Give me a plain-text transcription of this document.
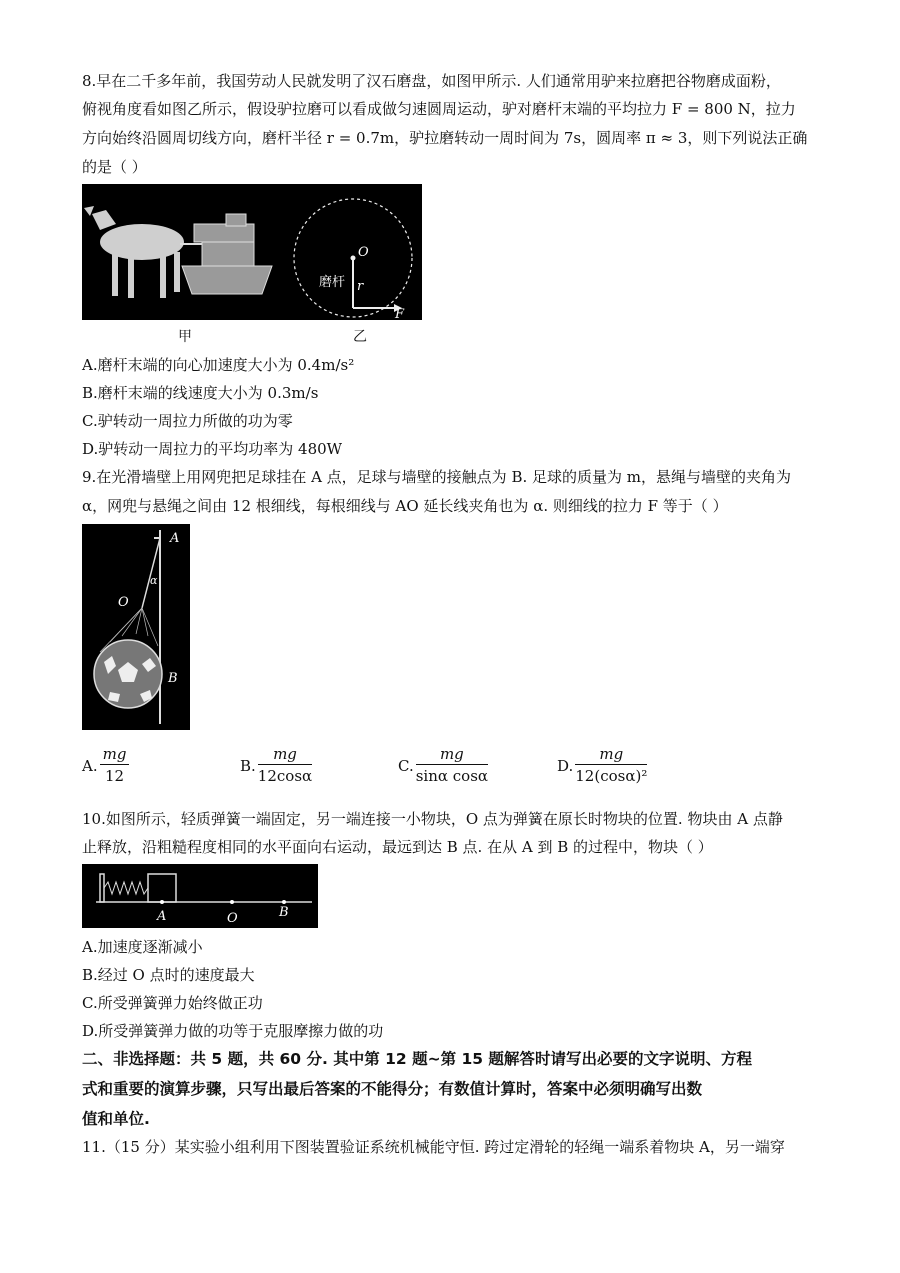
8.早在二千多年前，我国劳动人民就发明了汉石磨盘，如图甲所示. 人们通常用驴来拉磨把谷物磨成面粉，
俯视角度看如图乙所示，假设驴拉磨可以看成做匀速圆周运动，驴对磨杆末端的平均拉力 F = 800 N，拉力
方向始终沿圆周切线方向，磨杆半径 r = 0.7m，驴拉磨转动一周时间为 7s，圆周率 π ≈ 3，则下列说法正确
的是（ ）
O
磨杆 r
F
甲	乙
A.磨杆末端的向心加速度大小为 0.4m/s²
B.磨杆末端的线速度大小为 0.3m/s
C.驴转动一周拉力所做的功为零
D.驴转动一周拉力的平均功率为 480W
9.在光滑墙壁上用网兜把足球挂在 A 点，足球与墙壁的接触点为 B. 足球的质量为 m，悬绳与墙壁的夹角为
α，网兜与悬绳之间由 12 根细线，每根细线与 AO 延长线夹角也为 α. 则细线的拉力 F 等于（ ）
A
α
O
B
A. $\frac{mg}{12}$	B. $\frac{mg}{12\cos\alpha}$	C. $\frac{mg}{\text{sinα cosα}}$	D. $\frac{mg}{\text{12(cosα)²}}$
10.如图所示，轻质弹簧一端固定，另一端连接一小物块，O 点为弹簧在原长时物块的位置. 物块由 A 点静
止释放，沿粗糙程度相同的水平面向右运动，最远到达 B 点. 在从 A 到 B 的过程中，物块（ ）
A	O	B
A.加速度逐渐减小
B.经过 O 点时的速度最大
C.所受弹簧弹力始终做正功
D.所受弹簧弹力做的功等于克服摩擦力做的功
二、非选择题：共 5 题，共 60 分. 其中第 12 题~第 15 题解答时请写出必要的文字说明、方程
式和重要的演算步骤，只写出最后答案的不能得分；有数值计算时，答案中必须明确写出数
值和单位.
11.（15 分）某实验小组利用下图装置验证系统机械能守恒. 跨过定滑轮的轻绳一端系着物块 A，另一端穿
